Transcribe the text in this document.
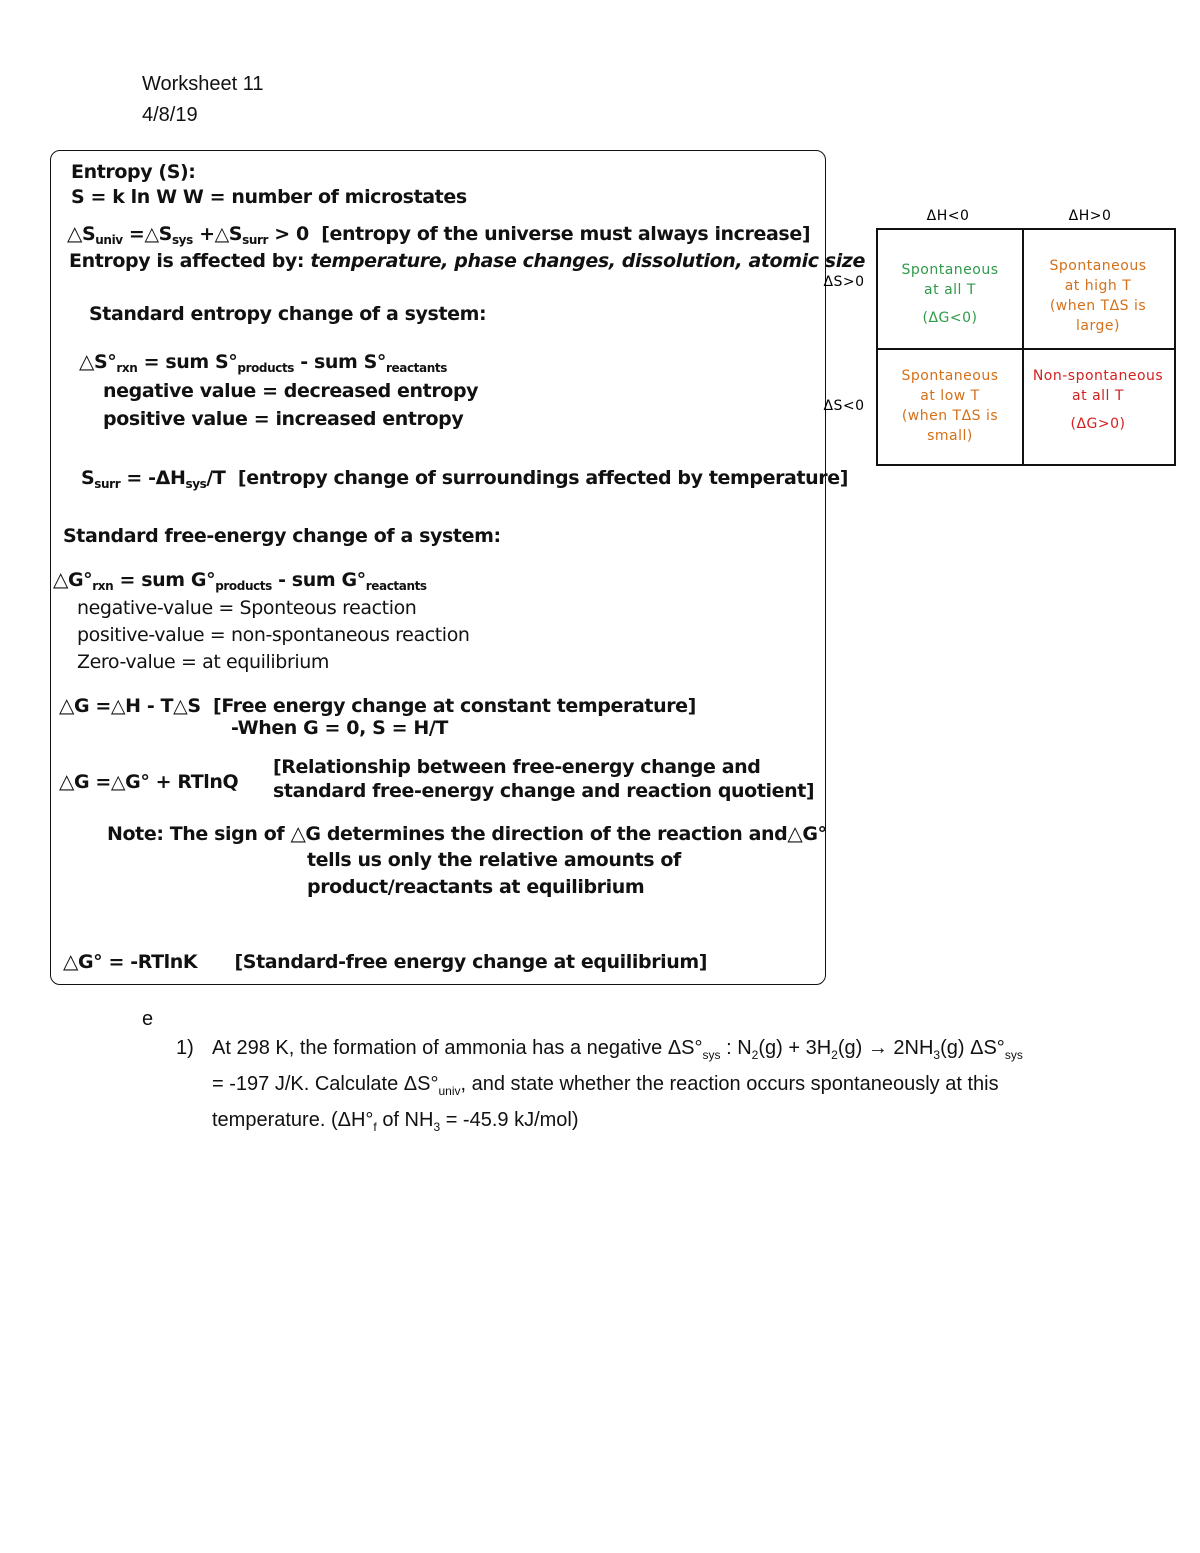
Worksheet 11
4/8/19
Entropy (S):
S = k ln W W = number of microstates
$\triangle S_{univ}$ $=\triangle S_{sys}$ $+\triangle S_{surr} > 0$  [entropy of the universe must always increase]
Entropy is affected by: temperature, phase changes, dissolution, atomic size
Standard entropy change of a system:
$\triangle S^\circ_{rxn}$ = sum $S^\circ_{products}$ - sum $S^\circ_{reactants}$
negative value = decreased entropy
positive value = increased entropy
$S_{surr} = -\Delta H_{sys}/T$  [entropy change of surroundings affected by temperature]
Standard free-energy change of a system:
$\triangle G^\circ_{rxn}$ = sum $G^\circ_{products}$ - sum $G^\circ_{reactants}$
negative-value = Sponteous reaction
positive-value = non-spontaneous reaction
Zero-value = at equilibrium
△G =△H - T△S  [Free energy change at constant temperature]
-When G = 0, S = H/T
△G =△G° + RTlnQ
[Relationship between free-energy change and
standard free-energy change and reaction quotient]
Note: The sign of △G determines the direction of the reaction and△G°
tells us only the relative amounts of
product/reactants at equilibrium
△G° = -RTlnK      [Standard-free energy change at equilibrium]
ΔH<0	ΔH>0
ΔS>0
ΔS<0
Spontaneous
at all T
(ΔG<0)
Spontaneous
at high T
(when TΔS is
large)
Spontaneous
at low T
(when TΔS is
small)
Non-spontaneous
at all T
(ΔG>0)
e
1) At 298 K, the formation of ammonia has a negative $\Delta S^\circ_{sys}$ : $N_2(g) + 3H_2(g) \to 2NH_3(g)$ $\Delta S^\circ_{sys}$
= -197 J/K. Calculate $\Delta S^\circ_{univ}$, and state whether the reaction occurs spontaneously at this
temperature. ($\Delta H^\circ_f$ of $NH_3 = -45.9$ kJ/mol)
